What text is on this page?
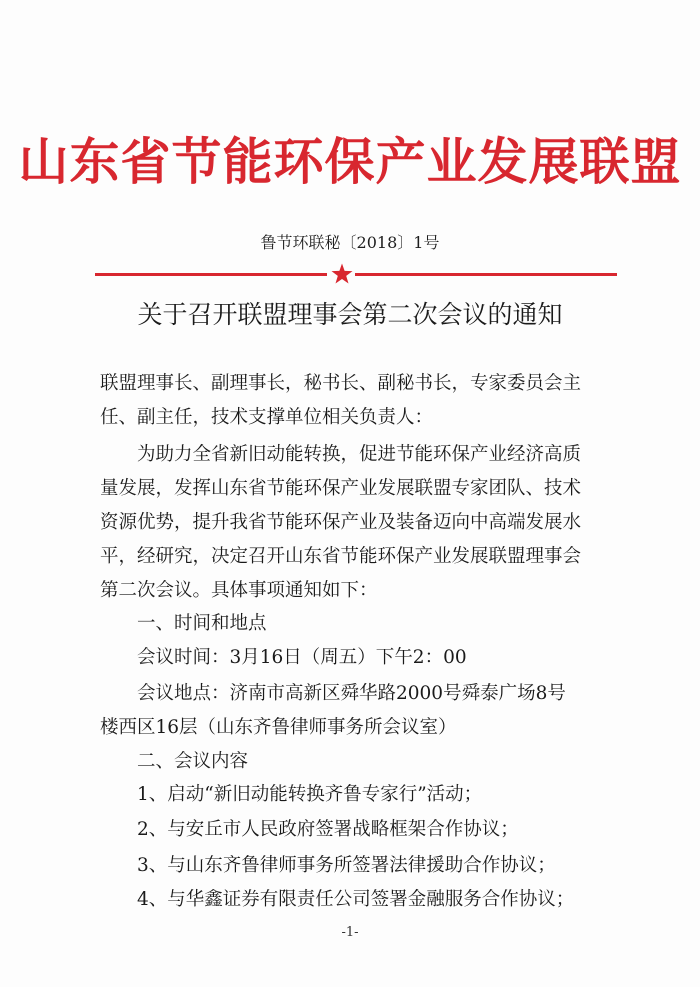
山东省节能环保产业发展联盟
鲁节环联秘〔2018〕1号
关于召开联盟理事会第二次会议的通知
联盟理事长、副理事长，秘书长、副秘书长，专家委员会主
任、副主任，技术支撑单位相关负责人：
为助力全省新旧动能转换，促进节能环保产业经济高质
量发展，发挥山东省节能环保产业发展联盟专家团队、技术
资源优势，提升我省节能环保产业及装备迈向中高端发展水
平，经研究，决定召开山东省节能环保产业发展联盟理事会
第二次会议。具体事项通知如下：
一、时间和地点
会议时间：3月16日（周五）下午2：00
会议地点：济南市高新区舜华路2000号舜泰广场8号
楼西区16层（山东齐鲁律师事务所会议室）
二、会议内容
1、启动“新旧动能转换齐鲁专家行”活动；
2、与安丘市人民政府签署战略框架合作协议；
3、与山东齐鲁律师事务所签署法律援助合作协议；
4、与华鑫证券有限责任公司签署金融服务合作协议；
-1-
